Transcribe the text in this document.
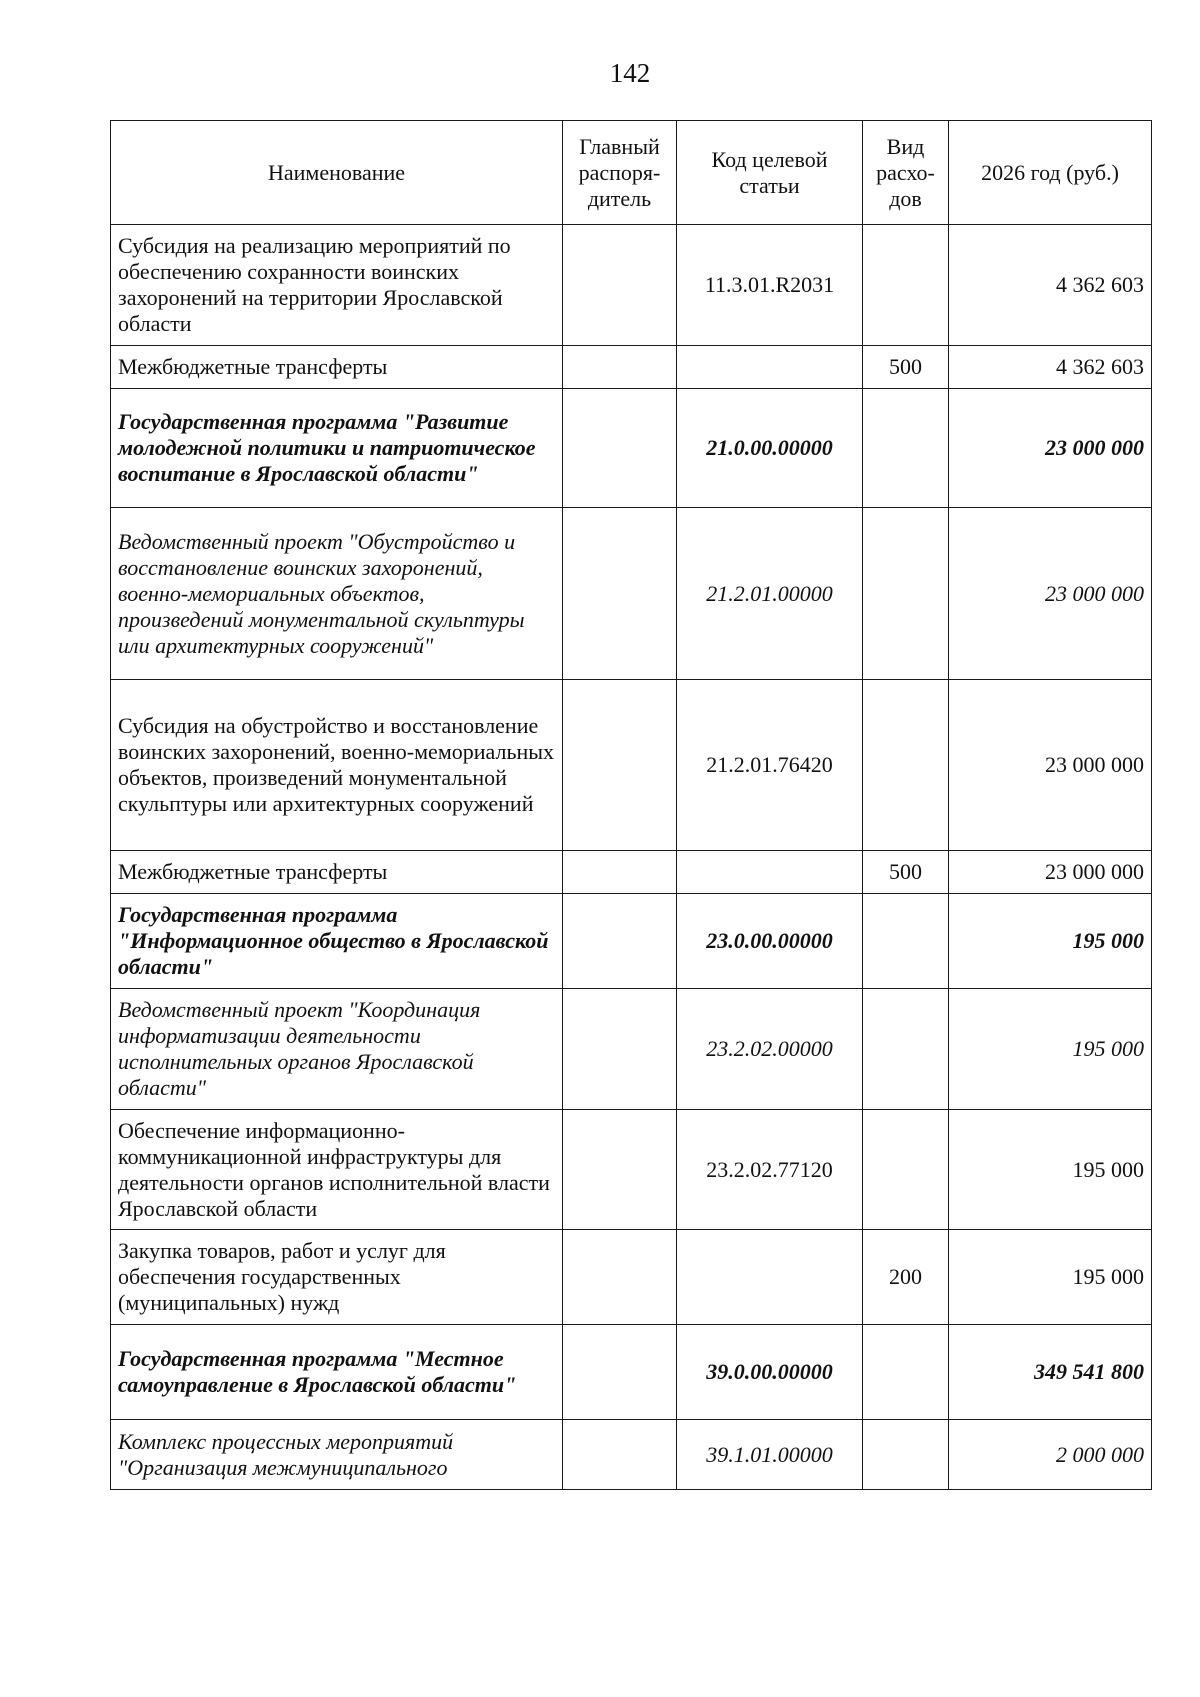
142
Наименование	Главный распоря-дитель	Код целевой статьи	Вид расхо-дов	2026 год (руб.)
Субсидия на реализацию мероприятий по обеспечению сохранности воинских захоронений на территории Ярославской области		11.3.01.R2031		4 362 603
Межбюджетные трансферты			500	4 362 603
Государственная программа "Развитие молодежной политики и патриотическое воспитание в Ярославской области"		21.0.00.00000		23 000 000
Ведомственный проект "Обустройство и восстановление воинских захоронений, военно-мемориальных объектов, произведений монументальной скульптуры или архитектурных сооружений"		21.2.01.00000		23 000 000
Субсидия на обустройство и восстановление воинских захоронений, военно-мемориальных объектов, произведений монументальной скульптуры или архитектурных сооружений		21.2.01.76420		23 000 000
Межбюджетные трансферты			500	23 000 000
Государственная программа "Информационное общество в Ярославской области"		23.0.00.00000		195 000
Ведомственный проект "Координация информатизации деятельности исполнительных органов Ярославской области"		23.2.02.00000		195 000
Обеспечение информационно-коммуникационной инфраструктуры для деятельности органов исполнительной власти Ярославской области		23.2.02.77120		195 000
Закупка товаров, работ и услуг для обеспечения государственных (муниципальных) нужд			200	195 000
Государственная программа "Местное самоуправление в Ярославской области"		39.0.00.00000		349 541 800
Комплекс процессных мероприятий "Организация межмуниципального		39.1.01.00000		2 000 000
